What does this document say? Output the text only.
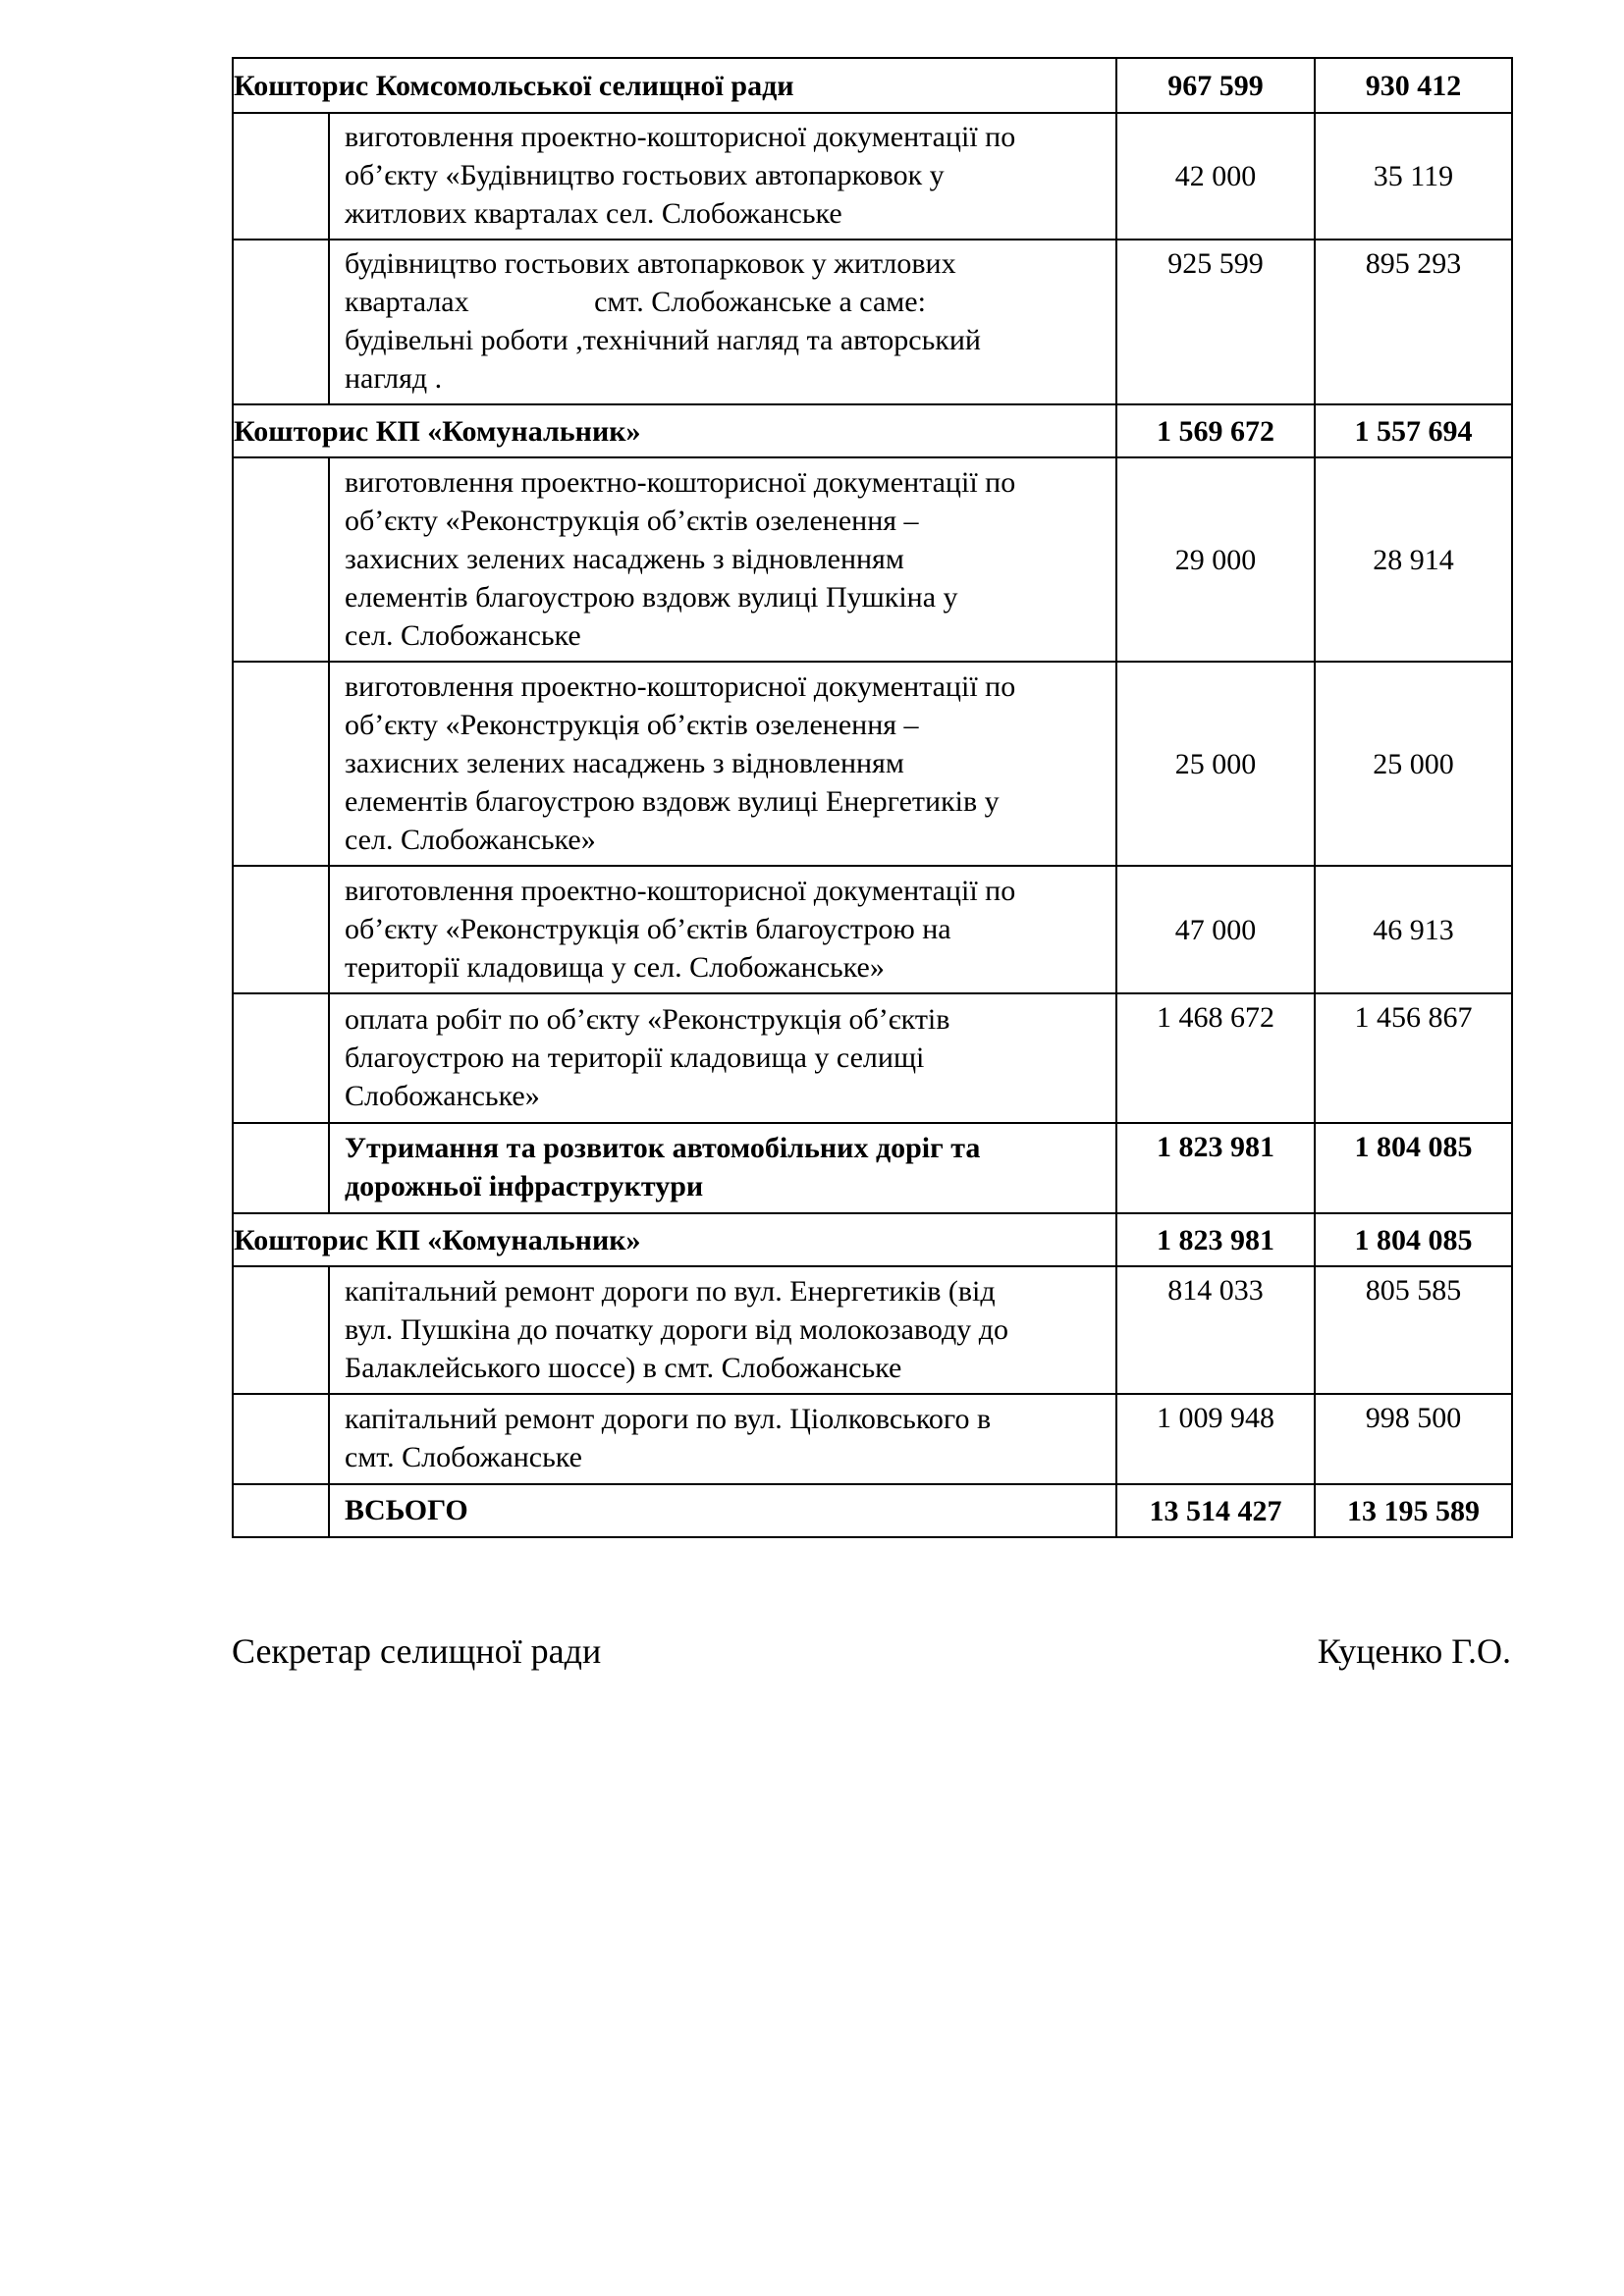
Кошторис Комсомольської селищної ради		967 599	930 412

	виготовлення проектно-кошторисної документації по
об’єкту «Будівництво гостьових автопарковок у
житлових кварталах сел. Слобожанське	42 000	35 119

	будівництво гостьових автопарковок у житлових
кварталах                 смт. Слобожанське а саме:
будівельні роботи ,технічний нагляд та авторський
нагляд .	925 599	895 293
Кошторис КП «Комунальник»		1 569 672	1 557 694

	виготовлення проектно-кошторисної документації по
об’єкту «Реконструкція об’єктів озеленення –
захисних зелених насаджень з відновленням
елементів благоустрою вздовж вулиці Пушкіна у
сел. Слобожанське	29 000	28 914

	виготовлення проектно-кошторисної документації по
об’єкту «Реконструкція об’єктів озеленення –
захисних зелених насаджень з відновленням
елементів благоустрою вздовж вулиці Енергетиків у
сел. Слобожанське»	25 000	25 000

	виготовлення проектно-кошторисної документації по
об’єкту «Реконструкція об’єктів благоустрою на
території кладовища у сел. Слобожанське»	47 000	46 913

	оплата робіт по об’єкту «Реконструкція об’єктів
благоустрою на території кладовища у селищі
Слобожанське»	1 468 672	1 456 867

	Утримання та розвиток автомобільних доріг та
дорожньої інфраструктури	1 823 981	1 804 085
Кошторис КП «Комунальник»		1 823 981	1 804 085

	капітальний ремонт дороги по вул. Енергетиків (від
вул. Пушкіна до початку дороги від молокозаводу до
Балаклейського шоссе) в смт. Слобожанське	814 033	805 585

	капітальний ремонт дороги по вул. Ціолковського в
смт. Слобожанське	1 009 948	998 500

	ВСЬОГО	13 514 427	13 195 589
Секретар селищної ради	Куценко Г.О.
